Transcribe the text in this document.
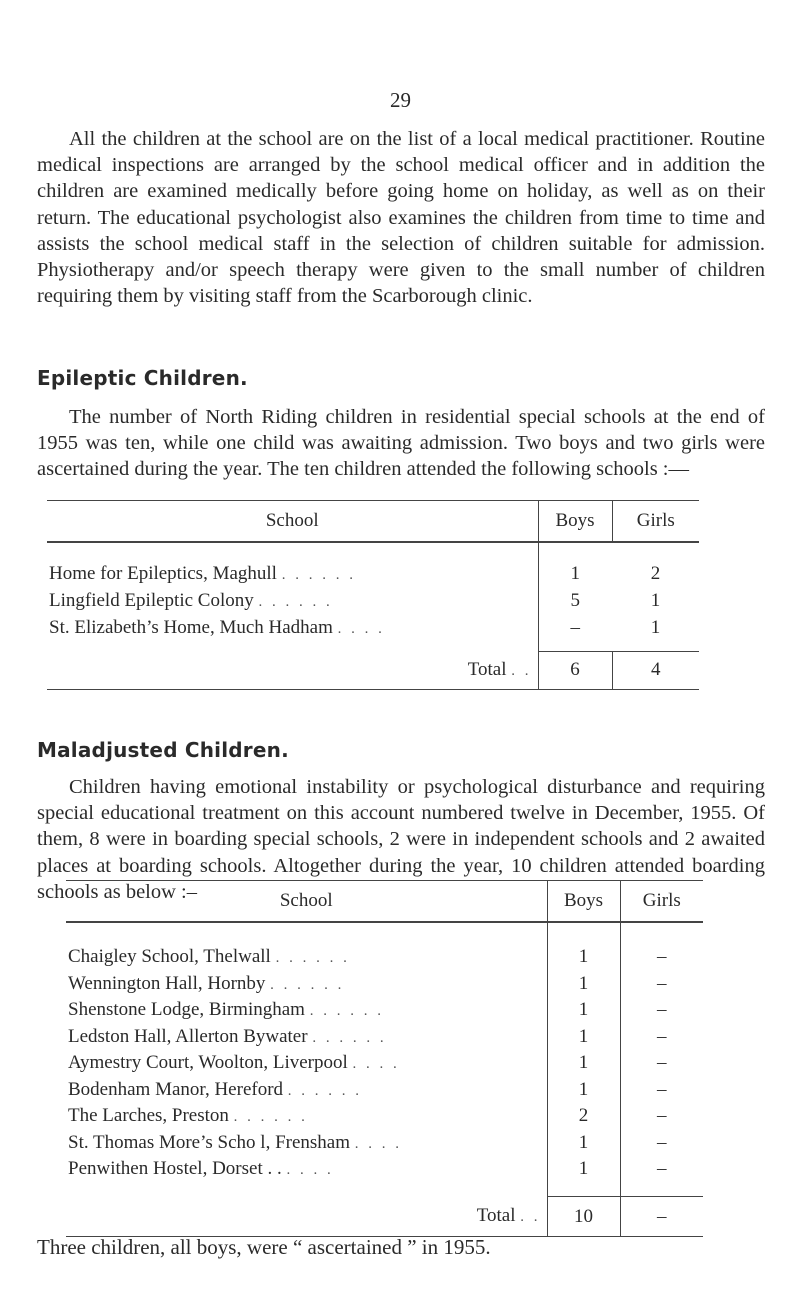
29

All the children at the school are on the list of a local medical practitioner. Routine medical inspections are arranged by the school medical officer and in addition the children are examined medically before going home on holiday, as well as on their return. The educational psychologist also examines the children from time to time and assists the school medical staff in the selection of children suitable for admission. Physiotherapy and/or speech therapy were given to the small number of children requiring them by visiting staff from the Scarborough clinic.

Epileptic Children.

The number of North Riding children in residential special schools at the end of 1955 was ten, while one child was awaiting admission. Two boys and two girls were ascertained during the year. The ten children attended the following schools :—

School	Boys	Girls

Home for Epileptics, Maghull . . . . . .	1	2
Lingfield Epileptic Colony . . . . . .	5	1
St. Elizabeth’s Home, Much Hadham . . . .	–	1

Total . .	6	4
Maladjusted Children.

Children having emotional instability or psychological disturbance and requiring special educational treatment on this account numbered twelve in December, 1955. Of them, 8 were in boarding special schools, 2 were in independent schools and 2 awaited places at boarding schools. Altogether during the year, 10 children attended boarding schools as below :–	School	Boys	Girls

Chaigley School, Thelwall . . . . . .	1	–
Wennington Hall, Hornby . . . . . .	1	–
Shenstone Lodge, Birmingham . . . . . .	1	–
Ledston Hall, Allerton Bywater . . . . . .	1	–
Aymestry Court, Woolton, Liverpool . . . .	1	–
Bodenham Manor, Hereford . . . . . .	1	–
The Larches, Preston . . . . . .	2	–
St. Thomas More’s Scho l, Frensham . . . .	1	–
Penwithen Hostel, Dorset . . . . . .	1	–

Total . .	10	–

Three children, all boys, were “ ascertained ” in 1955.
